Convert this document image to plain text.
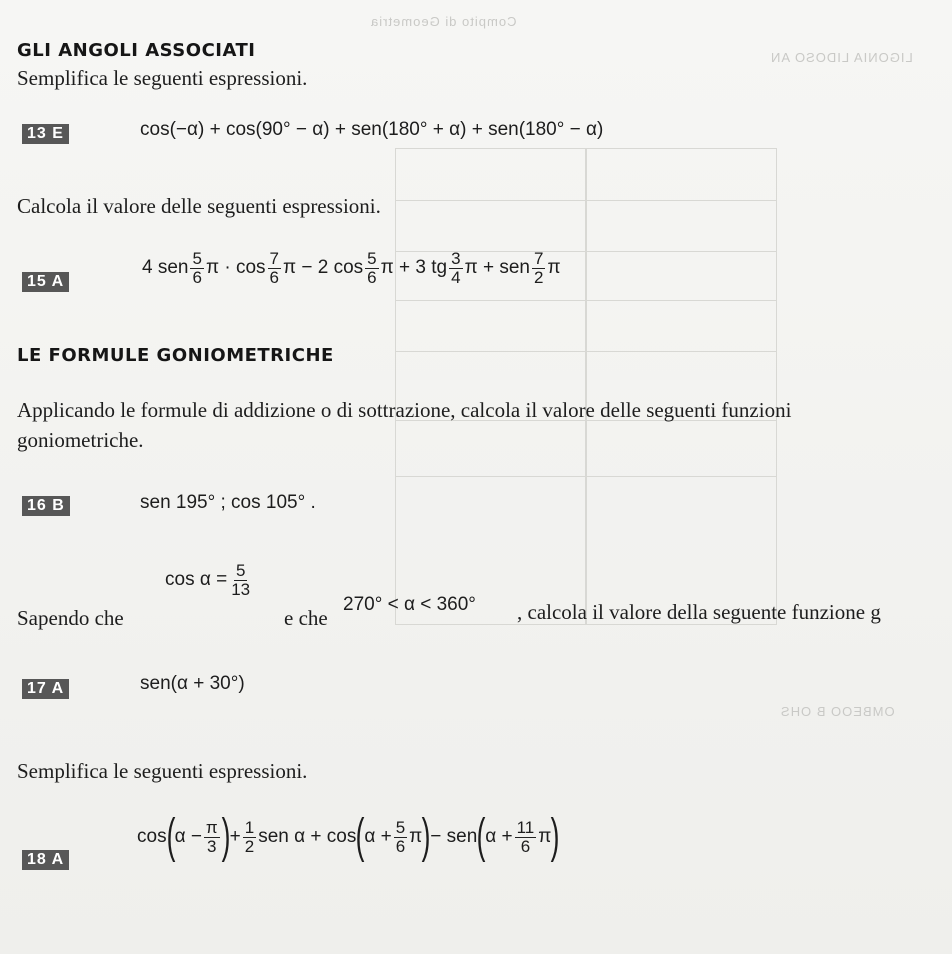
Compito di Geometria
LIGONIA LIDOSO AN
OMBEOO B OHS
GLI ANGOLI ASSOCIATI
Semplifica le seguenti espressioni.
13 E	cos(−α) + cos(90° − α) + sen(180° + α) + sen(180° − α)
Calcola il valore delle seguenti espressioni.
15 A
4 sen $\frac{5}{6}$ $\pi \cdot \cos \frac{7}{6}$ π − 2 $\cos \frac{5}{6}$ π + 3 tg $\frac{3}{4}$ π + sen $\frac{7}{2}$ π
LE FORMULE GONIOMETRICHE
Applicando le formule di addizione o di sottrazione, calcola il valore delle seguenti funzioni
goniometriche.
16 B	sen 195° ; cos 105° .
Sapendo che
$\cos \alpha = \frac{5}{13}$
e che
270° < α < 360° , calcola il valore della seguente funzione g
17 A	sen(α + 30°)
Semplifica le seguenti espressioni.
18 A
cos ( $\alpha - \frac{\pi}{3}$ ) + $\frac{1}{2}$ sen α + cos ( $\alpha + \frac{5}{6}$ π ) − sen ( $\alpha + \frac{11}{6}$ π )
